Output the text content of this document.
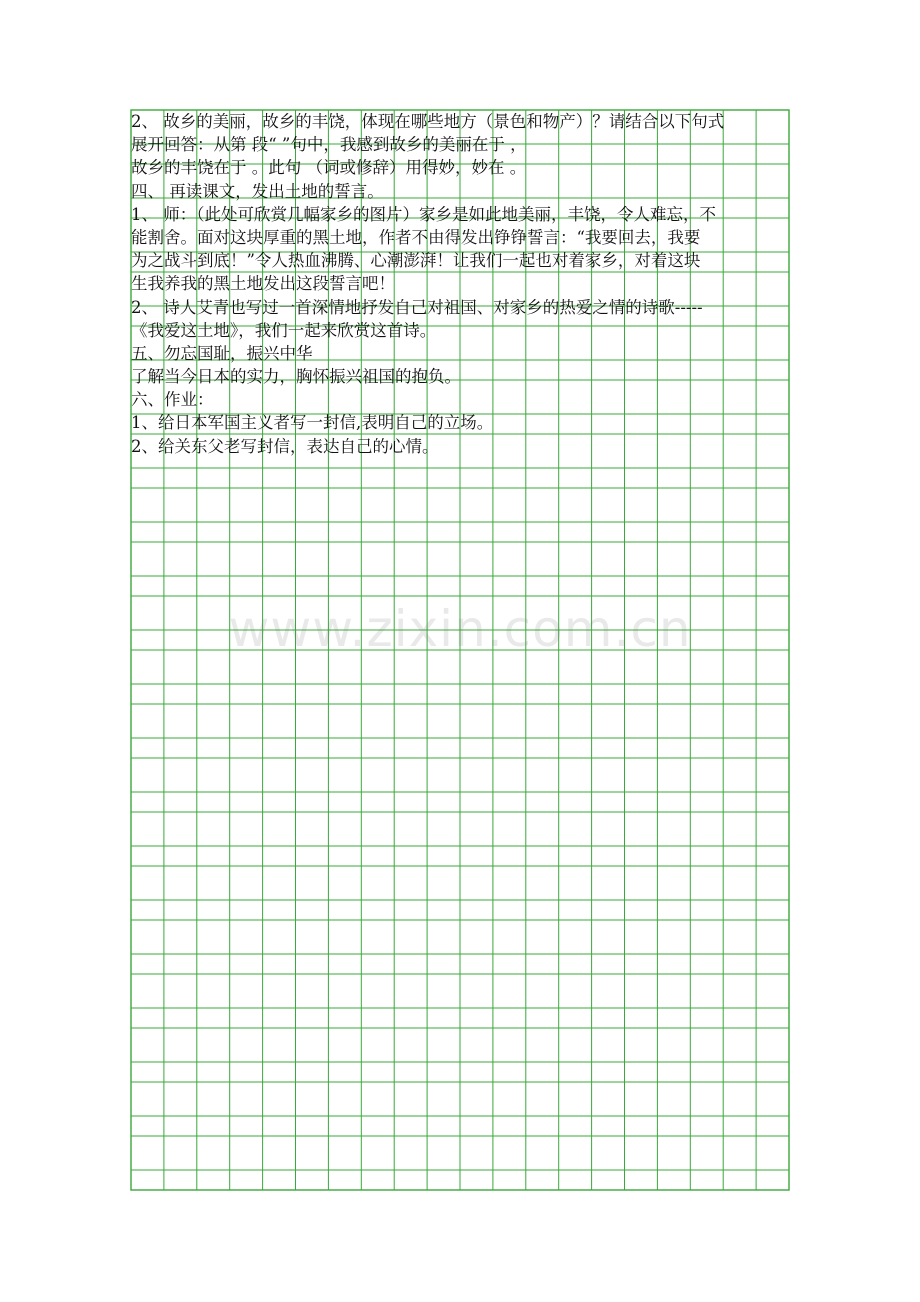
2、 故乡的美丽，故乡的丰饶，体现在哪些地方（景色和物产）？请结合以下句式
展开回答：从第 段“ ”句中，我感到故乡的美丽在于 ，
故乡的丰饶在于 。此句 （词或修辞）用得妙，妙在 。
四、 再读课文，发出土地的誓言。
1、 师：（此处可欣赏几幅家乡的图片）家乡是如此地美丽，丰饶，令人难忘，不
能割舍。面对这块厚重的黑土地，作者不由得发出铮铮誓言：“我要回去，我要
为之战斗到底！”令人热血沸腾、心潮澎湃！让我们一起也对着家乡，对着这块
生我养我的黑土地发出这段誓言吧！
2、 诗人艾青也写过一首深情地抒发自己对祖国、对家乡的热爱之情的诗歌-----
《我爱这土地》，我们一起来欣赏这首诗。
五、勿忘国耻，振兴中华
了解当今日本的实力，胸怀振兴祖国的抱负。
六、作业：
1、给日本军国主义者写一封信,表明自己的立场。
2、给关东父老写封信，表达自己的心情。
www.zixin.com.cn
